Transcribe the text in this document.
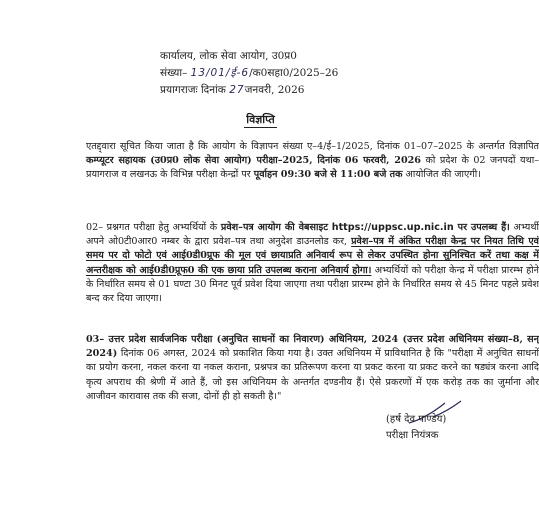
कार्यालय, लोक सेवा आयोग, उ0प्र0
संख्या– 13/01/ई-6/क0सहा0/2025–26
प्रयागराजः दिनांक 27जनवरी, 2026
विज्ञप्ति
एतद्द्वारा सूचित किया जाता है कि आयोग के विज्ञापन संख्या ए–4/ई–1/2025, दिनांक 01–07–2025 के अन्तर्गत विज्ञापित कम्प्यूटर सहायक (उ0प्र0 लोक सेवा आयोग) परीक्षा–2025, दिनांक 06 फरवरी, 2026 को प्रदेश के 02 जनपदों यथा– प्रयागराज व लखनऊ के विभिन्न परीक्षा केन्द्रों पर पूर्वाहन 09:30 बजे से 11:00 बजे तक आयोजित की जाएगी।
02– प्रश्नगत परीक्षा हेतु अभ्यर्थियों के प्रवेश–पत्र आयोग की वेबसाइट https://uppsc.up.nic.in पर उपलब्ध हैं। अभ्यर्थी अपने ओ0टी0आर0 नम्बर के द्वारा प्रवेश–पत्र तथा अनुदेश डाउनलोड कर, प्रवेश–पत्र में अंकित परीक्षा केन्द्र पर नियत तिथि एवं समय पर दो फोटो एवं आई0डी0प्रूफ की मूल एवं छायाप्रति अनिवार्य रूप से लेकर उपस्थित होना सुनिश्चित करें तथा कक्ष में अन्तरीक्षक को आई0डी0प्रूफ0 की एक छाया प्रति उपलब्ध कराना अनिवार्य होगा। अभ्यर्थियों को परीक्षा केन्द्र में परीक्षा प्रारम्भ होने के निर्धारित समय से 01 घण्टा 30 मिनट पूर्व प्रवेश दिया जाएगा तथा परीक्षा प्रारम्भ होने के निर्धारित समय से 45 मिनट पहले प्रवेश बन्द कर दिया जाएगा।
03– उत्तर प्रदेश सार्वजनिक परीक्षा (अनुचित साधनों का निवारण) अधिनियम, 2024 (उत्तर प्रदेश अधिनियम संख्या–8, सन् 2024) दिनांक 06 अगस्त, 2024 को प्रकाशित किया गया है। उक्त अधिनियम में प्राविधानित है कि "परीक्षा में अनुचित साधनों का प्रयोग करना, नकल करना या नकल कराना, प्रश्नपत्र का प्रतिरूपण करना या प्रकट करना या प्रकट करने का षड्यंत्र करना आदि कृत्य अपराध की श्रेणी में आते हैं, जो इस अधिनियम के अन्तर्गत दण्डनीय हैं। ऐसे प्रकरणों में एक करोड़ तक का जुर्माना और आजीवन कारावास तक की सजा, दोनों ही हो सकती है।"
(हर्ष देव पाण्डेय)
परीक्षा नियंत्रक
